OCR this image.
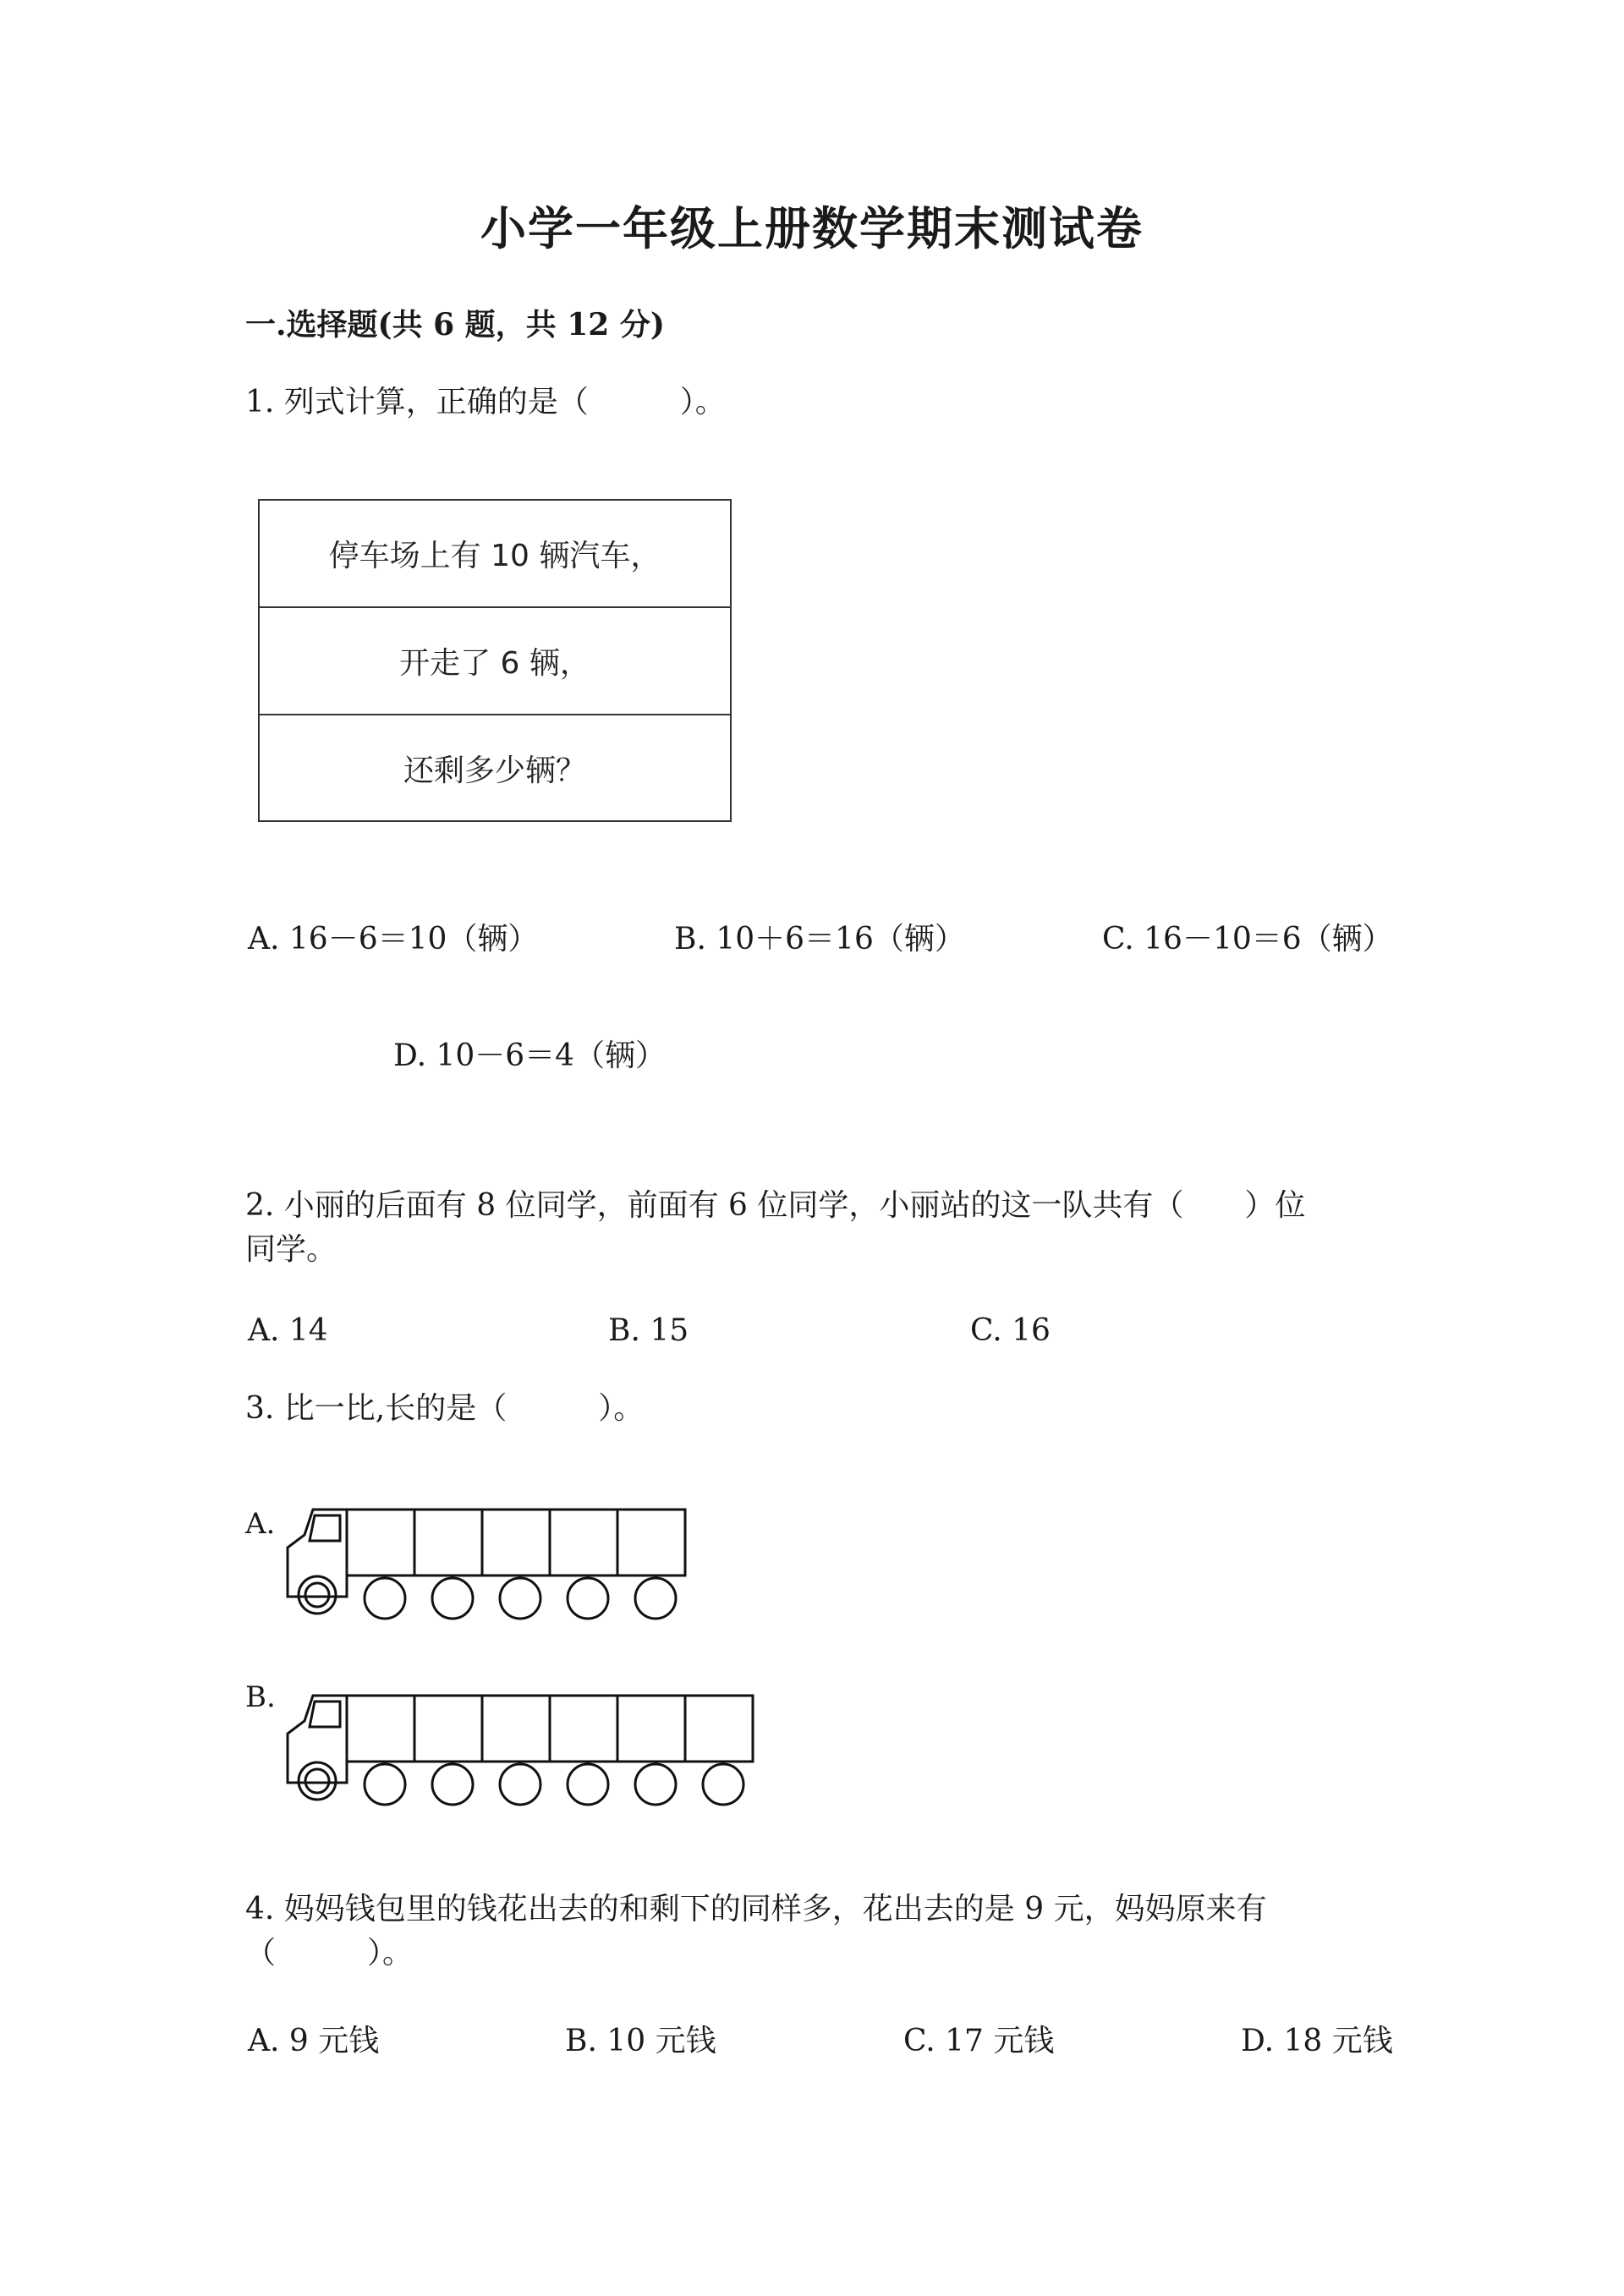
小学一年级上册数学期末测试卷
一.选择题(共 6 题，共 12 分)
1. 列式计算，正确的是（　　　）。
停车场上有 10 辆汽车，
开走了 6 辆，
还剩多少辆？
A. 16－6＝10（辆）	B. 10＋6＝16（辆）	C. 16－10＝6（辆）
D. 10－6＝4（辆）
2. 小丽的后面有 8 位同学，前面有 6 位同学，小丽站的这一队共有（　　）位
同学。
A. 14	B. 15	C. 16
3. 比一比,长的是（　　　）。
A.
B.
4. 妈妈钱包里的钱花出去的和剩下的同样多，花出去的是 9 元，妈妈原来有
（　　　）。
A. 9 元钱	B. 10 元钱	C. 17 元钱	D. 18 元钱
